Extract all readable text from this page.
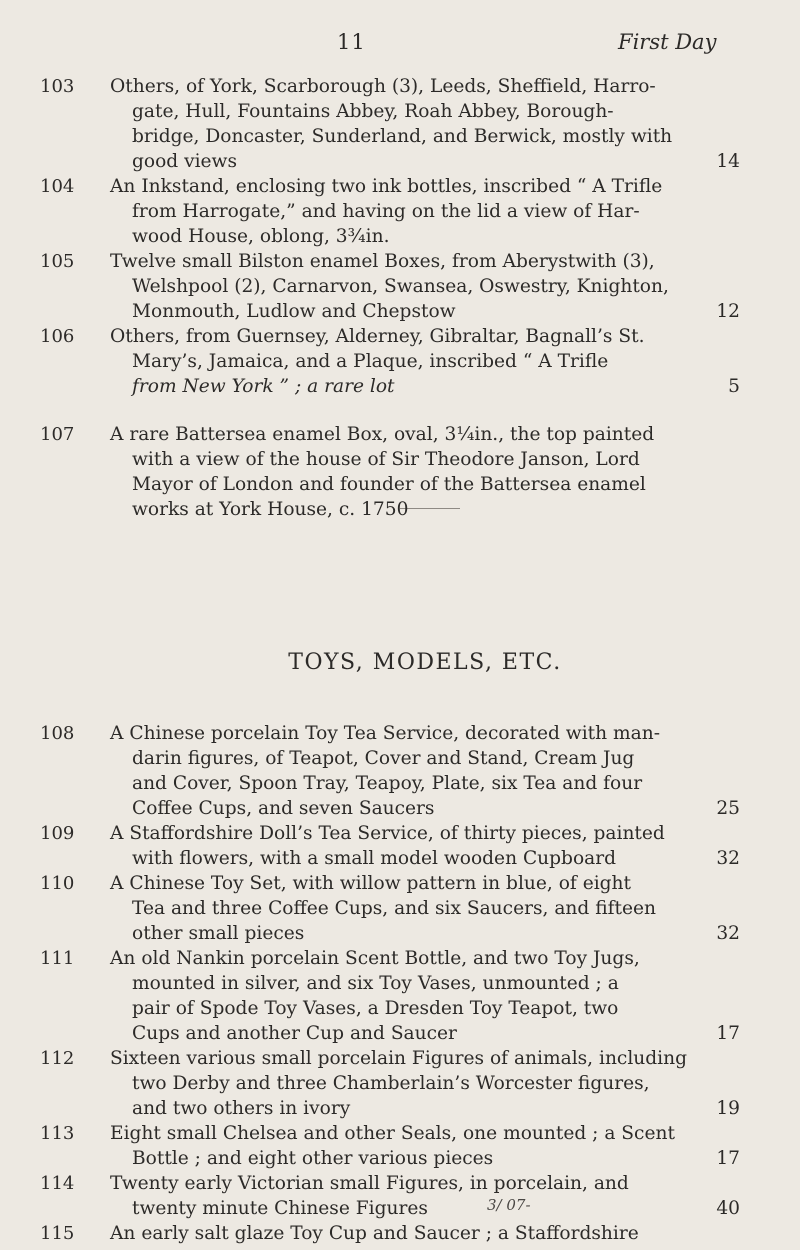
11	First Day
103	Others, of York, Scarborough (3), Leeds, Sheffield, Harro-
gate, Hull, Fountains Abbey, Roah Abbey, Borough-
bridge, Doncaster, Sunderland, and Berwick, mostly with
good views	14
104	An Inkstand, enclosing two ink bottles, inscribed “ A Trifle
from Harrogate,” and having on the lid a view of Har-
wood House, oblong, 3¾in.
105	Twelve small Bilston enamel Boxes, from Aberystwith (3),
Welshpool (2), Carnarvon, Swansea, Oswestry, Knighton,
Monmouth, Ludlow and Chepstow	12
106	Others, from Guernsey, Alderney, Gibraltar, Bagnall’s St.
Mary’s, Jamaica, and a Plaque, inscribed “ A Trifle
from New York ” ; a rare lot	5
107	A rare Battersea enamel Box, oval, 3¼in., the top painted
with a view of the house of Sir Theodore Janson, Lord
Mayor of London and founder of the Battersea enamel
works at York House, c. 1750
TOYS, MODELS, ETC.
108	A Chinese porcelain Toy Tea Service, decorated with man-
darin figures, of Teapot, Cover and Stand, Cream Jug
and Cover, Spoon Tray, Teapoy, Plate, six Tea and four
Coffee Cups, and seven Saucers	25
109	A Staffordshire Doll’s Tea Service, of thirty pieces, painted
with flowers, with a small model wooden Cupboard	32
110	A Chinese Toy Set, with willow pattern in blue, of eight
Tea and three Coffee Cups, and six Saucers, and fifteen
other small pieces	32
111	An old Nankin porcelain Scent Bottle, and two Toy Jugs,
mounted in silver, and six Toy Vases, unmounted ; a
pair of Spode Toy Vases, a Dresden Toy Teapot, two
Cups and another Cup and Saucer	17
112	Sixteen various small porcelain Figures of animals, including
two Derby and three Chamberlain’s Worcester figures,
and two others in ivory	19
113	Eight small Chelsea and other Seals, one mounted ; a Scent
Bottle ; and eight other various pieces	17
114	Twenty early Victorian small Figures, in porcelain, and
twenty minute Chinese Figures	40
3/ 07-
115	An early salt glaze Toy Cup and Saucer ; a Staffordshire
